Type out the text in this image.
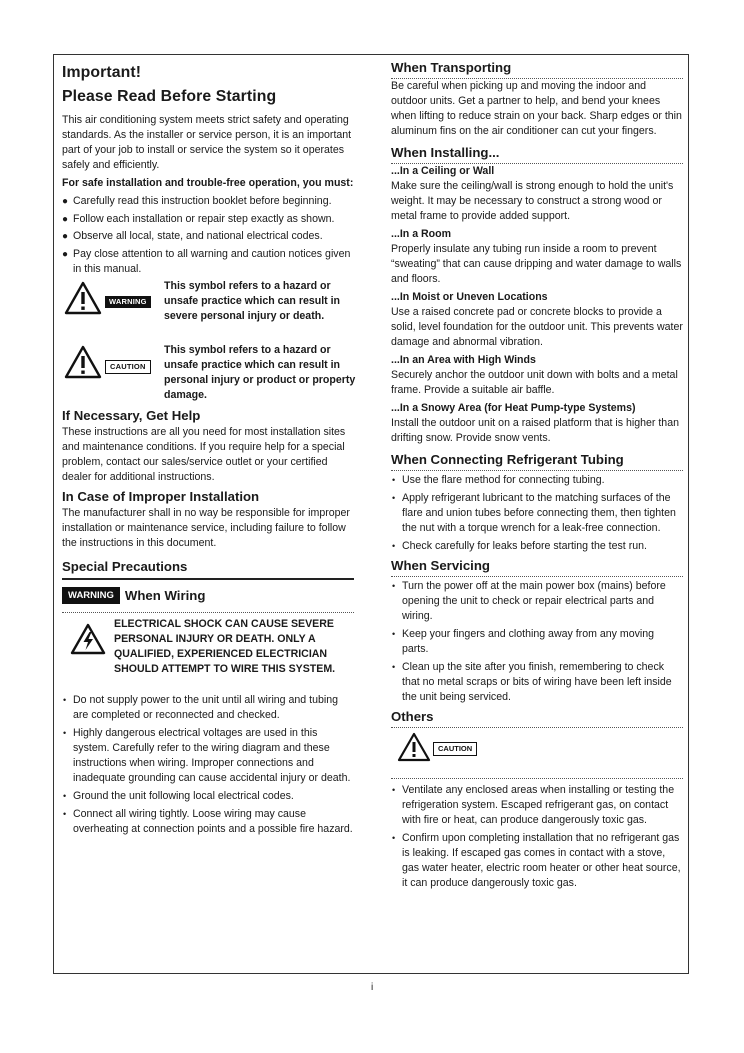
Important!
Please Read Before Starting

This air conditioning system meets strict safety and operating standards. As the installer or service person, it is an important part of your job to install or service the system so it operates safely and efficiently.

For safe installation and trouble-free operation, you must:

● Carefully read this instruction booklet before beginning.
● Follow each installation or repair step exactly as shown.
● Observe all local, state, and national electrical codes.
● Pay close attention to all warning and caution notices given in this manual.
WARNING

This symbol refers to a hazard or unsafe practice which can result in severe personal injury or death.

CAUTION

This symbol refers to a hazard or unsafe practice which can result in personal injury or product or property damage.

If Necessary, Get Help

These instructions are all you need for most installation sites and maintenance conditions. If you require help for a special problem, contact our sales/service outlet or your certified dealer for additional instructions.

In Case of Improper Installation

The manufacturer shall in no way be responsible for improper installation or maintenance service, including failure to follow the instructions in this document.

Special Precautions
WARNING When Wiring

ELECTRICAL SHOCK CAN CAUSE SEVERE PERSONAL INJURY OR DEATH. ONLY A QUALIFIED, EXPERIENCED ELECTRICIAN SHOULD ATTEMPT TO WIRE THIS SYSTEM.

• Do not supply power to the unit until all wiring and tubing are completed or reconnected and checked.
• Highly dangerous electrical voltages are used in this system. Carefully refer to the wiring diagram and these instructions when wiring. Improper connections and inadequate grounding can cause accidental injury or death.
• Ground the unit following local electrical codes.
• Connect all wiring tightly. Loose wiring may cause overheating at connection points and a possible fire hazard.
When Transporting

Be careful when picking up and moving the indoor and outdoor units. Get a partner to help, and bend your knees when lifting to reduce strain on your back. Sharp edges or thin aluminum fins on the air conditioner can cut your fingers.

When Installing...
...In a Ceiling or Wall

Make sure the ceiling/wall is strong enough to hold the unit's weight. It may be necessary to construct a strong wood or metal frame to provide added support.

...In a Room

Properly insulate any tubing run inside a room to prevent “sweating” that can cause dripping and water damage to walls and floors.

...In Moist or Uneven Locations

Use a raised concrete pad or concrete blocks to provide a solid, level foundation for the outdoor unit. This prevents water damage and abnormal vibration.

...In an Area with High Winds

Securely anchor the outdoor unit down with bolts and a metal frame. Provide a suitable air baffle.

...In a Snowy Area (for Heat Pump-type Systems)

Install the outdoor unit on a raised platform that is higher than drifting snow. Provide snow vents.

When Connecting Refrigerant Tubing
• Use the flare method for connecting tubing.
• Apply refrigerant lubricant to the matching surfaces of the flare and union tubes before connecting them, then tighten the nut with a torque wrench for a leak-free connection.
• Check carefully for leaks before starting the test run.
When Servicing
• Turn the power off at the main power box (mains) before opening the unit to check or repair electrical parts and wiring.
• Keep your fingers and clothing away from any moving parts.
• Clean up the site after you finish, remembering to check that no metal scraps or bits of wiring have been left inside the unit being serviced.
Others
CAUTION
• Ventilate any enclosed areas when installing or testing the refrigeration system. Escaped refrigerant gas, on contact with fire or heat, can produce dangerously toxic gas.
• Confirm upon completing installation that no refrigerant gas is leaking. If escaped gas comes in contact with a stove, gas water heater, electric room heater or other heat source, it can produce dangerously toxic gas.
i
